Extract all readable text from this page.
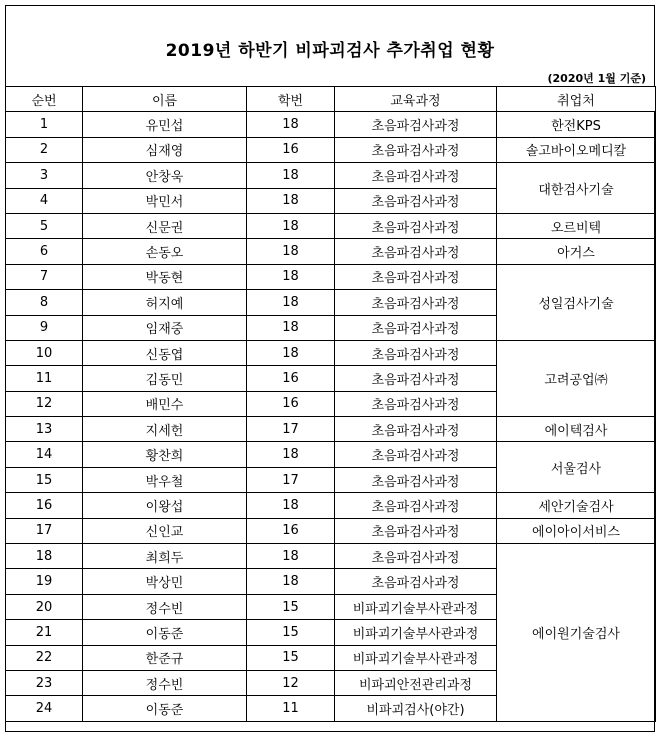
2019년 하반기 비파괴검사 추가취업 현황
(2020년 1월 기준)
순번	이름	학번	교육과정	취업처
1	유민섭	18	초음파검사과정	한전KPS
2	심재영	16	초음파검사과정	솔고바이오메디칼
3	안창욱	18	초음파검사과정	대한검사기술
4	박민서	18	초음파검사과정	
5	신문권	18	초음파검사과정	오르비텍
6	손동오	18	초음파검사과정	아거스
7	박동현	18	초음파검사과정	성일검사기술
8	허지예	18	초음파검사과정	
9	임재중	18	초음파검사과정	
10	신동엽	18	초음파검사과정	고려공업㈜
11	김동민	16	초음파검사과정	
12	배민수	16	초음파검사과정	
13	지세헌	17	초음파검사과정	에이텍검사
14	황찬희	18	초음파검사과정	서울검사
15	박우철	17	초음파검사과정	
16	이왕섭	18	초음파검사과정	세안기술검사
17	신인교	16	초음파검사과정	에이아이서비스
18	최희두	18	초음파검사과정	에이원기술검사
19	박상민	18	초음파검사과정	
20	정수빈	15	비파괴기술부사관과정	
21	이동준	15	비파괴기술부사관과정	
22	한준규	15	비파괴기술부사관과정	
23	정수빈	12	비파괴안전관리과정	
24	이동준	11	비파괴검사(야간)	
